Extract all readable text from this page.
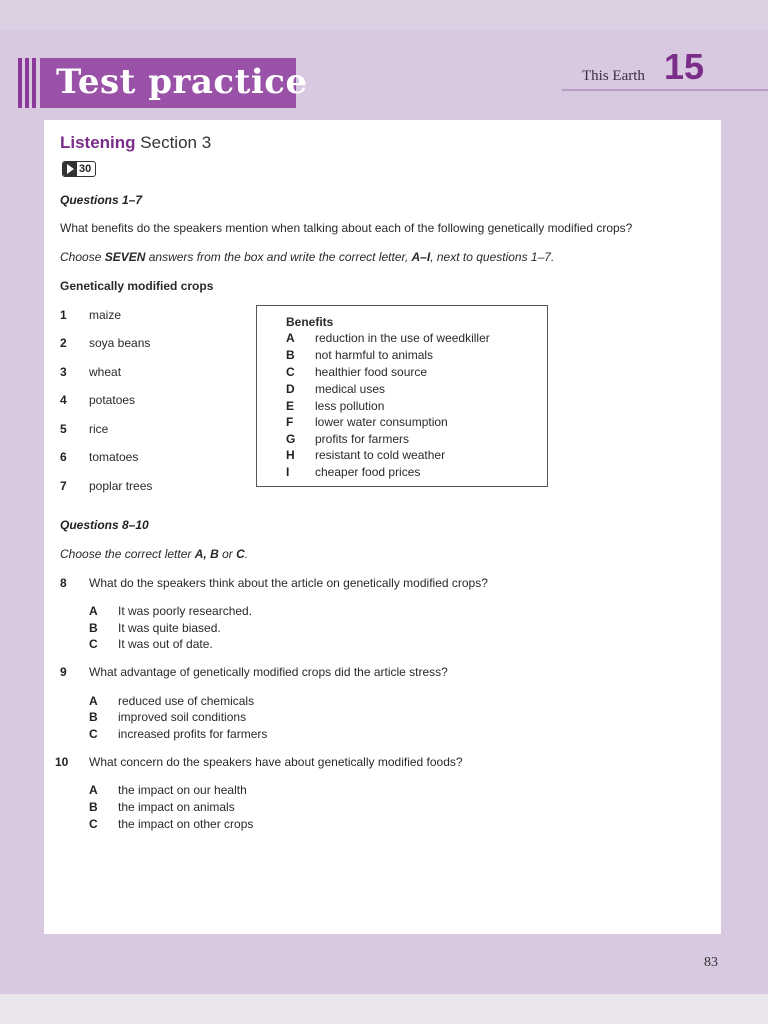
Test practice	This Earth 15
Listening Section 3
30
Questions 1–7
What benefits do the speakers mention when talking about each of the following genetically modified crops?
Choose SEVEN answers from the box and write the correct letter, A–I, next to questions 1–7.
Genetically modified crops
1 maize
2 soya beans
3 wheat
4 potatoes
5 rice
6 tomatoes
7 poplar trees
Benefits
A reduction in the use of weedkiller
B not harmful to animals
C healthier food source
D medical uses
E less pollution
F lower water consumption
G profits for farmers
H resistant to cold weather
I cheaper food prices
Questions 8–10
Choose the correct letter A, B or C.
8 What do the speakers think about the article on genetically modified crops?
A It was poorly researched.
B It was quite biased.
C It was out of date.
9 What advantage of genetically modified crops did the article stress?
A reduced use of chemicals
B improved soil conditions
C increased profits for farmers
10 What concern do the speakers have about genetically modified foods?
A the impact on our health
B the impact on animals
C the impact on other crops
83
